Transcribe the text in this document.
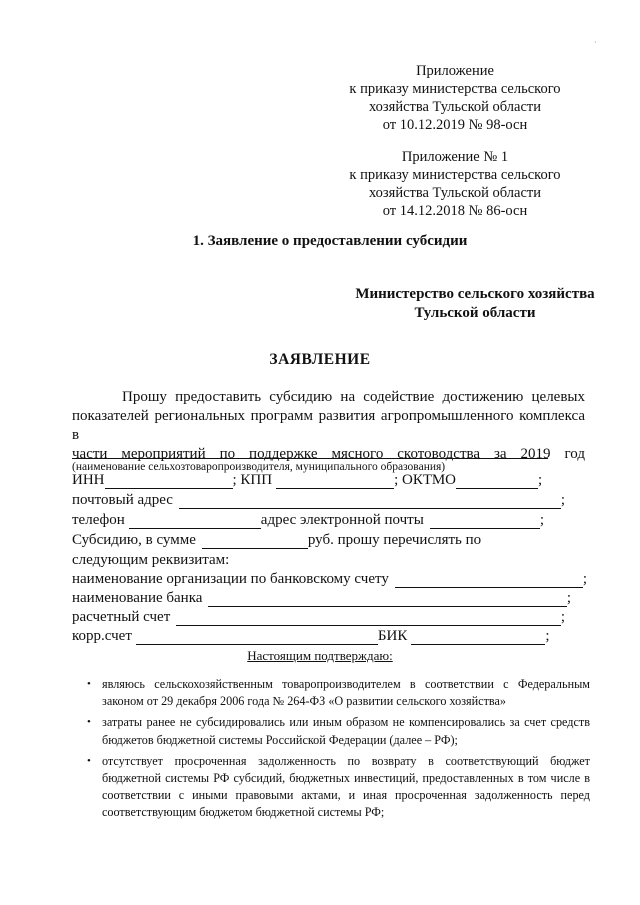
·
Приложение
к приказу министерства сельского
хозяйства Тульской области
от 10.12.2019 № 98-осн
Приложение № 1
к приказу министерства сельского
хозяйства Тульской области
от 14.12.2018 № 86-осн
1. Заявление о предоставлении субсидии
Министерство сельского хозяйства
Тульской области
ЗАЯВЛЕНИЕ
Прошу предоставить субсидию на содействие достижению целевых
показателей региональных программ развития агропромышленного комплекса в
части мероприятий по поддержке мясного скотоводства за 2019 год
(наименование сельхозтоваропроизводителя, муниципального образования)
ИНН	; КПП	; ОКТМО	;
почтовый адрес	;
телефон	адрес электронной почты	;
Субсидию, в сумме	руб. прошу перечислять по
следующим реквизитам:
наименование организации по банковскому счету	;
наименование банка	;
расчетный счет	;
корр.счет	БИК	;
Настоящим подтверждаю:
• являюсь сельскохозяйственным товаропроизводителем в соответствии с Федеральным законом от 29 декабря 2006 года № 264-ФЗ «О развитии сельского хозяйства»
• затраты ранее не субсидировались или иным образом не компенсировались за счет средств бюджетов бюджетной системы Российской Федерации (далее – РФ);
• отсутствует просроченная задолженность по возврату в соответствующий бюджет бюджетной системы РФ субсидий, бюджетных инвестиций, предоставленных в том числе в соответствии с иными правовыми актами, и иная просроченная задолженность перед соответствующим бюджетом бюджетной системы РФ;
